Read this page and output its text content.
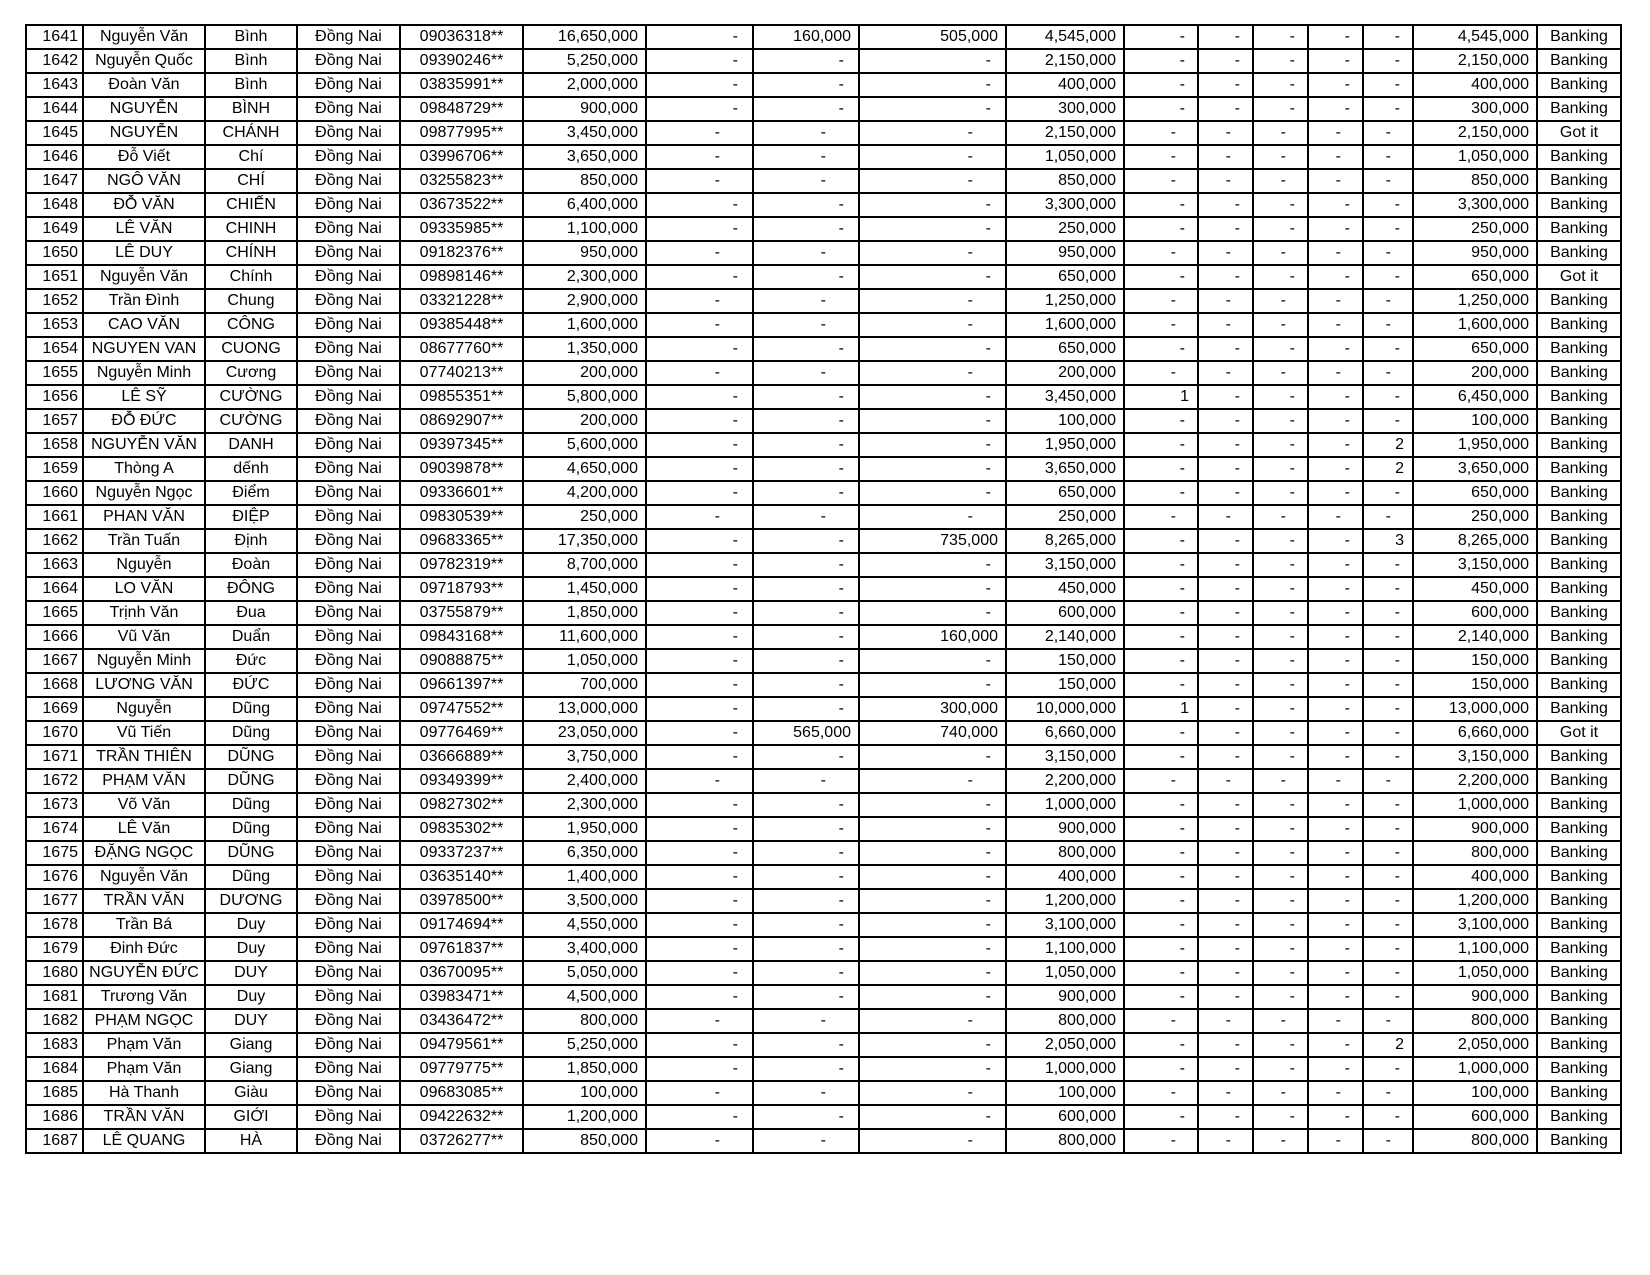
1641	Nguyễn Văn	Bình	Đồng Nai	09036318**	16,650,000	-	160,000	505,000	4,545,000	-	-	-	-	-	4,545,000	Banking
1642	Nguyễn Quốc	Bình	Đồng Nai	09390246**	5,250,000	-	-	-	2,150,000	-	-	-	-	-	2,150,000	Banking
1643	Đoàn Văn	Bình	Đồng Nai	03835991**	2,000,000	-	-	-	400,000	-	-	-	-	-	400,000	Banking
1644	NGUYỄN	BÌNH	Đồng Nai	09848729**	900,000	-	-	-	300,000	-	-	-	-	-	300,000	Banking
1645	NGUYỄN	CHÁNH	Đồng Nai	09877995**	3,450,000	-	-	-	2,150,000	-	-	-	-	-	2,150,000	Got it
1646	Đỗ Viết	Chí	Đồng Nai	03996706**	3,650,000	-	-	-	1,050,000	-	-	-	-	-	1,050,000	Banking
1647	NGÔ VĂN	CHÍ	Đồng Nai	03255823**	850,000	-	-	-	850,000	-	-	-	-	-	850,000	Banking
1648	ĐỖ VĂN	CHIẾN	Đồng Nai	03673522**	6,400,000	-	-	-	3,300,000	-	-	-	-	-	3,300,000	Banking
1649	LÊ VĂN	CHINH	Đồng Nai	09335985**	1,100,000	-	-	-	250,000	-	-	-	-	-	250,000	Banking
1650	LÊ DUY	CHÍNH	Đồng Nai	09182376**	950,000	-	-	-	950,000	-	-	-	-	-	950,000	Banking
1651	Nguyễn Văn	Chính	Đồng Nai	09898146**	2,300,000	-	-	-	650,000	-	-	-	-	-	650,000	Got it
1652	Trần Đình	Chung	Đồng Nai	03321228**	2,900,000	-	-	-	1,250,000	-	-	-	-	-	1,250,000	Banking
1653	CAO VĂN	CÔNG	Đồng Nai	09385448**	1,600,000	-	-	-	1,600,000	-	-	-	-	-	1,600,000	Banking
1654	NGUYEN VAN	CUONG	Đồng Nai	08677760**	1,350,000	-	-	-	650,000	-	-	-	-	-	650,000	Banking
1655	Nguyễn Minh	Cương	Đồng Nai	07740213**	200,000	-	-	-	200,000	-	-	-	-	-	200,000	Banking
1656	LÊ SỸ	CƯỜNG	Đồng Nai	09855351**	5,800,000	-	-	-	3,450,000	1	-	-	-	-	6,450,000	Banking
1657	ĐỖ ĐỨC	CƯỜNG	Đồng Nai	08692907**	200,000	-	-	-	100,000	-	-	-	-	-	100,000	Banking
1658	NGUYỄN VĂN	DANH	Đồng Nai	09397345**	5,600,000	-	-	-	1,950,000	-	-	-	-	2	1,950,000	Banking
1659	Thòng A	dếnh	Đồng Nai	09039878**	4,650,000	-	-	-	3,650,000	-	-	-	-	2	3,650,000	Banking
1660	Nguyễn Ngọc	Điểm	Đồng Nai	09336601**	4,200,000	-	-	-	650,000	-	-	-	-	-	650,000	Banking
1661	PHAN VĂN	ĐIỆP	Đồng Nai	09830539**	250,000	-	-	-	250,000	-	-	-	-	-	250,000	Banking
1662	Trần Tuấn	Định	Đồng Nai	09683365**	17,350,000	-	-	735,000	8,265,000	-	-	-	-	3	8,265,000	Banking
1663	Nguyễn	Đoàn	Đồng Nai	09782319**	8,700,000	-	-	-	3,150,000	-	-	-	-	-	3,150,000	Banking
1664	LO VĂN	ĐÔNG	Đồng Nai	09718793**	1,450,000	-	-	-	450,000	-	-	-	-	-	450,000	Banking
1665	Trịnh Văn	Đua	Đồng Nai	03755879**	1,850,000	-	-	-	600,000	-	-	-	-	-	600,000	Banking
1666	Vũ Văn	Duẩn	Đồng Nai	09843168**	11,600,000	-	-	160,000	2,140,000	-	-	-	-	-	2,140,000	Banking
1667	Nguyễn Minh	Đức	Đồng Nai	09088875**	1,050,000	-	-	-	150,000	-	-	-	-	-	150,000	Banking
1668	LƯƠNG VĂN	ĐỨC	Đồng Nai	09661397**	700,000	-	-	-	150,000	-	-	-	-	-	150,000	Banking
1669	Nguyễn	Dũng	Đồng Nai	09747552**	13,000,000	-	-	300,000	10,000,000	1	-	-	-	-	13,000,000	Banking
1670	Vũ Tiến	Dũng	Đồng Nai	09776469**	23,050,000	-	565,000	740,000	6,660,000	-	-	-	-	-	6,660,000	Got it
1671	TRẦN THIÊN	DŨNG	Đồng Nai	03666889**	3,750,000	-	-	-	3,150,000	-	-	-	-	-	3,150,000	Banking
1672	PHẠM VĂN	DŨNG	Đồng Nai	09349399**	2,400,000	-	-	-	2,200,000	-	-	-	-	-	2,200,000	Banking
1673	Võ Văn	Dũng	Đồng Nai	09827302**	2,300,000	-	-	-	1,000,000	-	-	-	-	-	1,000,000	Banking
1674	LÊ Văn	Dũng	Đồng Nai	09835302**	1,950,000	-	-	-	900,000	-	-	-	-	-	900,000	Banking
1675	ĐẶNG NGỌC	DŨNG	Đồng Nai	09337237**	6,350,000	-	-	-	800,000	-	-	-	-	-	800,000	Banking
1676	Nguyễn Văn	Dũng	Đồng Nai	03635140**	1,400,000	-	-	-	400,000	-	-	-	-	-	400,000	Banking
1677	TRẦN VĂN	DƯƠNG	Đồng Nai	03978500**	3,500,000	-	-	-	1,200,000	-	-	-	-	-	1,200,000	Banking
1678	Trần Bá	Duy	Đồng Nai	09174694**	4,550,000	-	-	-	3,100,000	-	-	-	-	-	3,100,000	Banking
1679	Đinh Đức	Duy	Đồng Nai	09761837**	3,400,000	-	-	-	1,100,000	-	-	-	-	-	1,100,000	Banking
1680	NGUYỄN ĐỨC	DUY	Đồng Nai	03670095**	5,050,000	-	-	-	1,050,000	-	-	-	-	-	1,050,000	Banking
1681	Trương Văn	Duy	Đồng Nai	03983471**	4,500,000	-	-	-	900,000	-	-	-	-	-	900,000	Banking
1682	PHẠM NGỌC	DUY	Đồng Nai	03436472**	800,000	-	-	-	800,000	-	-	-	-	-	800,000	Banking
1683	Phạm Văn	Giang	Đồng Nai	09479561**	5,250,000	-	-	-	2,050,000	-	-	-	-	2	2,050,000	Banking
1684	Phạm Văn	Giang	Đồng Nai	09779775**	1,850,000	-	-	-	1,000,000	-	-	-	-	-	1,000,000	Banking
1685	Hà Thanh	Giàu	Đồng Nai	09683085**	100,000	-	-	-	100,000	-	-	-	-	-	100,000	Banking
1686	TRẦN VĂN	GIỚI	Đồng Nai	09422632**	1,200,000	-	-	-	600,000	-	-	-	-	-	600,000	Banking
1687	LÊ QUANG	HÀ	Đồng Nai	03726277**	850,000	-	-	-	800,000	-	-	-	-	-	800,000	Banking
